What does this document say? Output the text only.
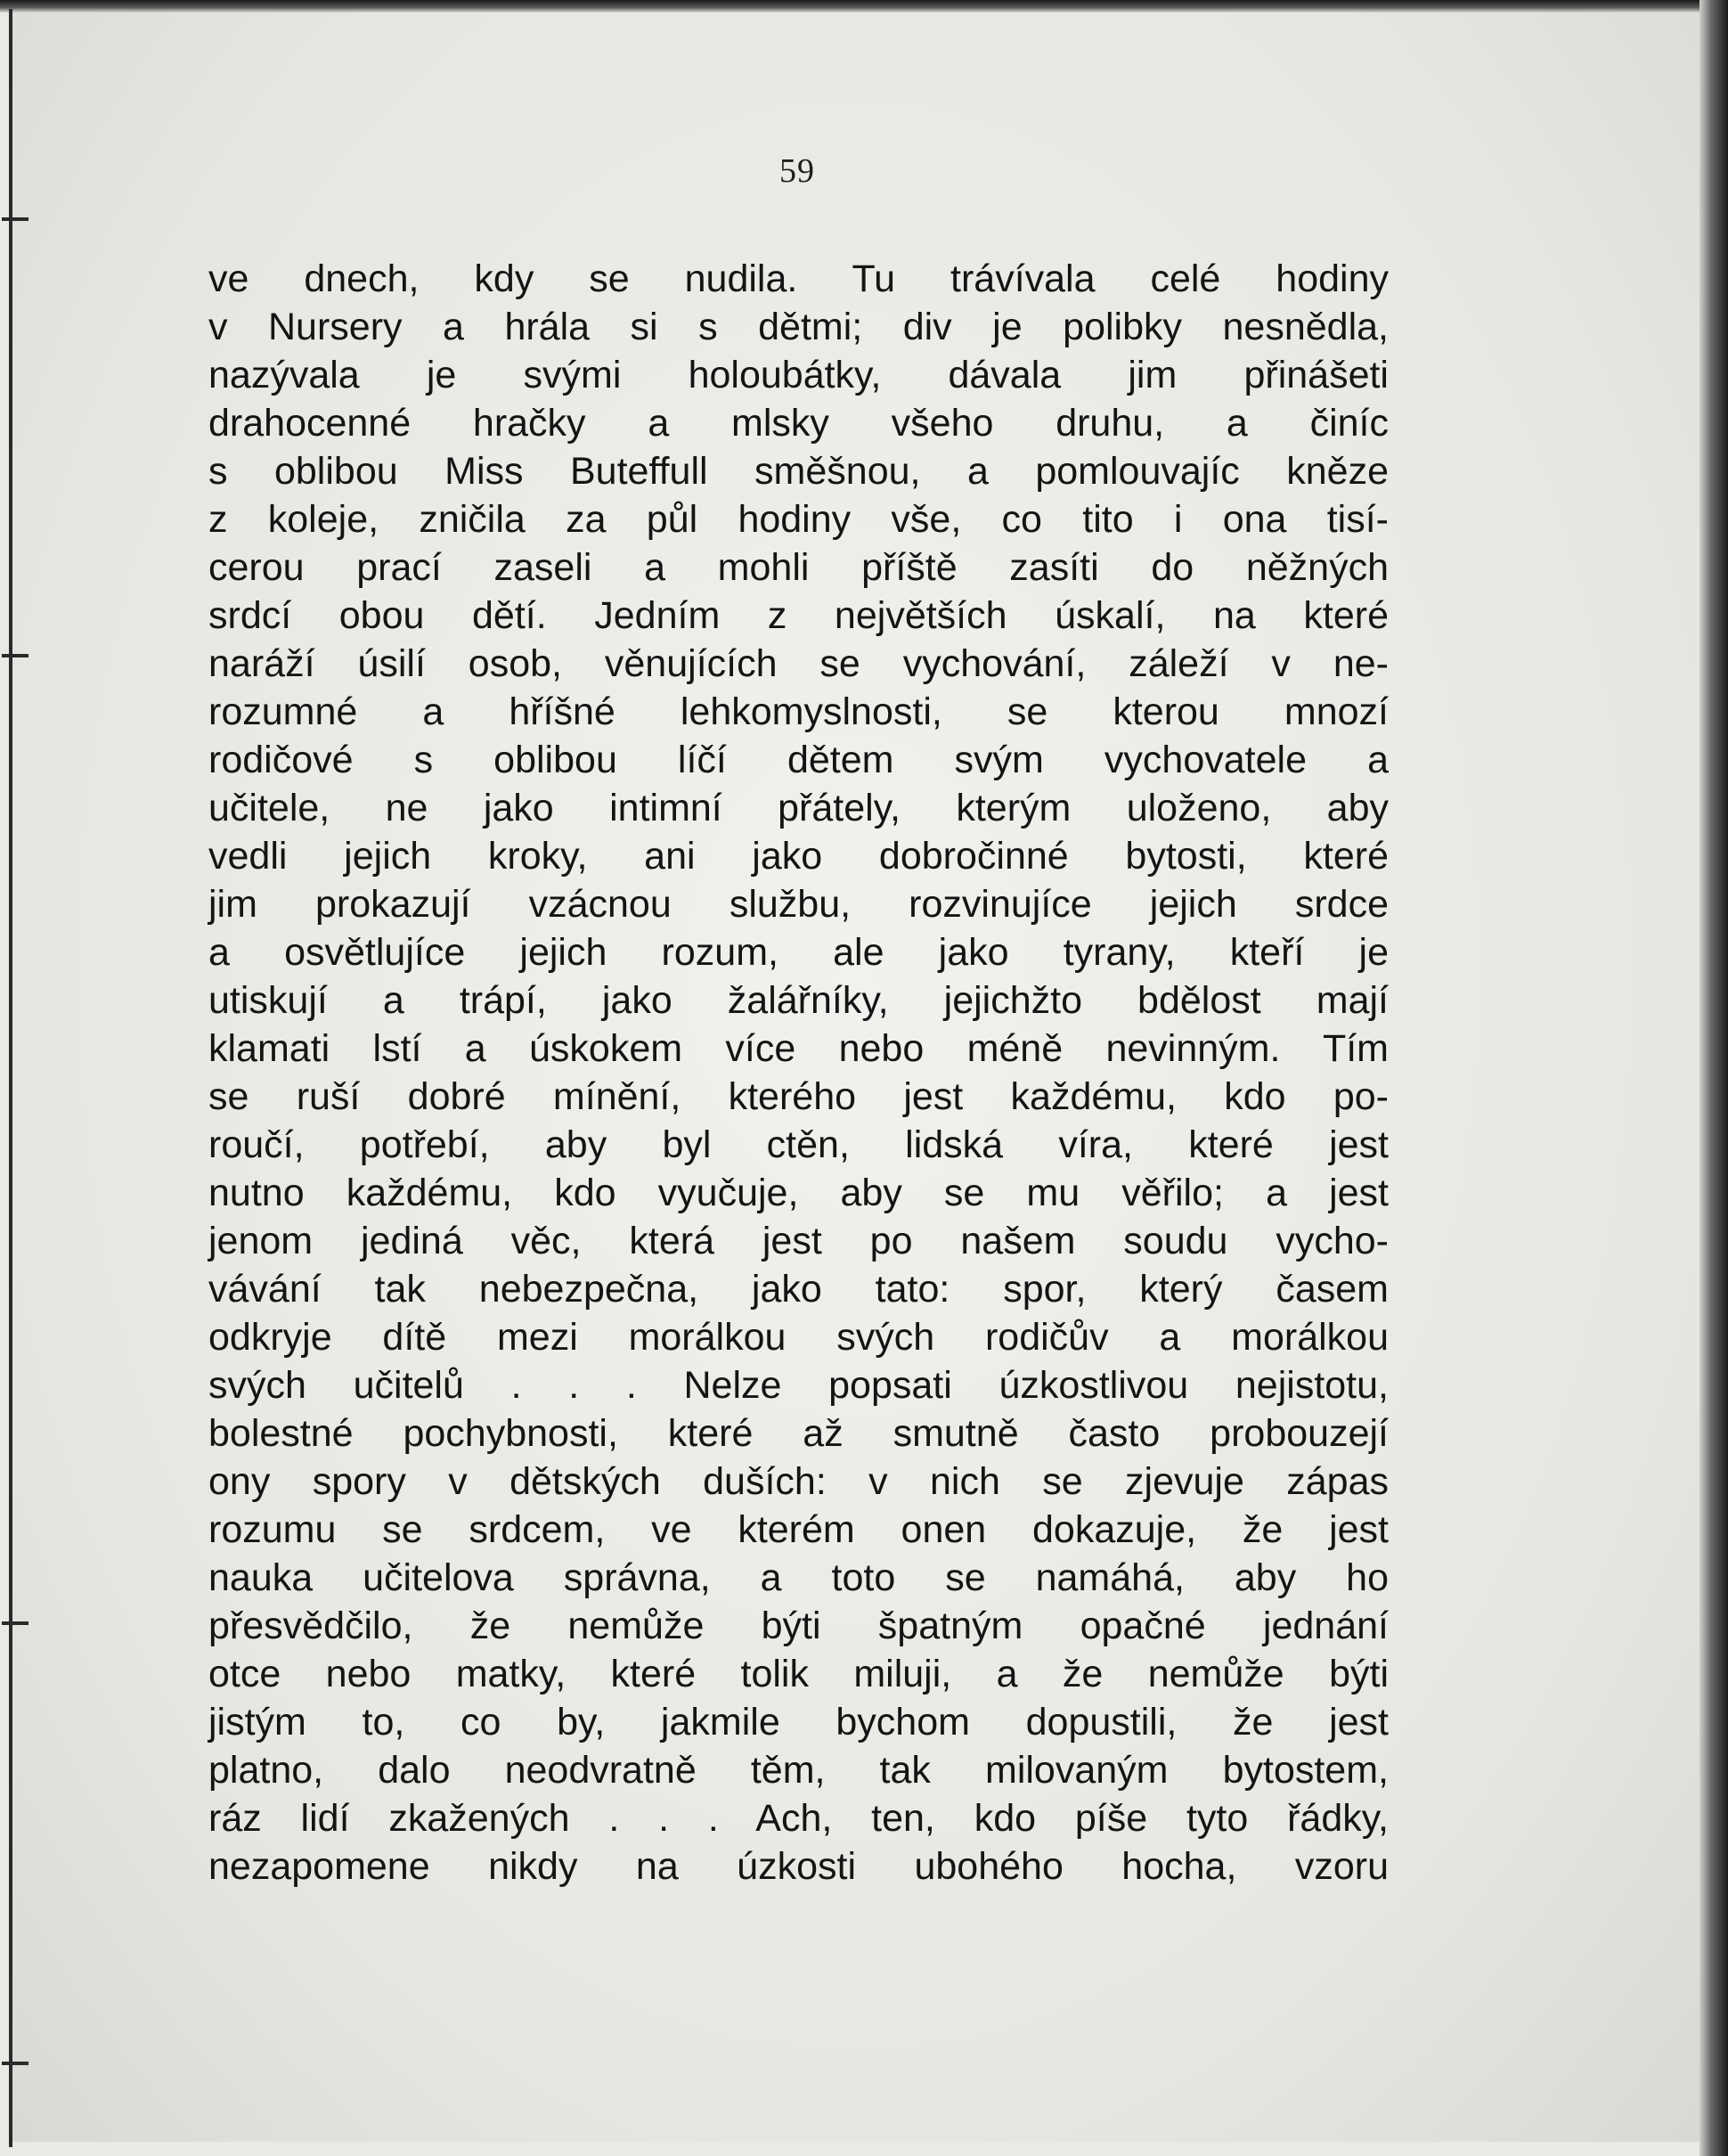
59
ve dnech, kdy se nudila. Tu trávívala celé hodiny
v Nursery a hrála si s dětmi; div je polibky nesnědla,
nazývala je svými holoubátky, dávala jim přinášeti
drahocenné hračky a mlsky všeho druhu, a činíc
s oblibou Miss Buteffull směšnou, a pomlouvajíc kněze
z koleje, zničila za půl hodiny vše, co tito i ona tisí-
cerou prací zaseli a mohli příště zasíti do něžných
srdcí obou dětí. Jedním z největších úskalí, na které
naráží úsilí osob, věnujících se vychování, záleží v ne-
rozumné a hříšné lehkomyslnosti, se kterou mnozí
rodičové s oblibou líčí dětem svým vychovatele a
učitele, ne jako intimní přátely, kterým uloženo, aby
vedli jejich kroky, ani jako dobročinné bytosti, které
jim prokazují vzácnou službu, rozvinujíce jejich srdce
a osvětlujíce jejich rozum, ale jako tyrany, kteří je
utiskují a trápí, jako žalářníky, jejichžto bdělost mají
klamati lstí a úskokem více nebo méně nevinným. Tím
se ruší dobré mínění, kterého jest každému, kdo po-
roučí, potřebí, aby byl ctěn, lidská víra, které jest
nutno každému, kdo vyučuje, aby se mu věřilo; a jest
jenom jediná věc, která jest po našem soudu vycho-
vávání tak nebezpečna, jako tato: spor, který časem
odkryje dítě mezi morálkou svých rodičův a morálkou
svých učitelů . . . Nelze popsati úzkostlivou nejistotu,
bolestné pochybnosti, které až smutně často probouzejí
ony spory v dětských duších: v nich se zjevuje zápas
rozumu se srdcem, ve kterém onen dokazuje, že jest
nauka učitelova správna, a toto se namáhá, aby ho
přesvědčilo, že nemůže býti špatným opačné jednání
otce nebo matky, které tolik miluji, a že nemůže býti
jistým to, co by, jakmile bychom dopustili, že jest
platno, dalo neodvratně těm, tak milovaným bytostem,
ráz lidí zkažených . . . Ach, ten, kdo píše tyto řádky,
nezapomene nikdy na úzkosti ubohého hocha, vzoru
